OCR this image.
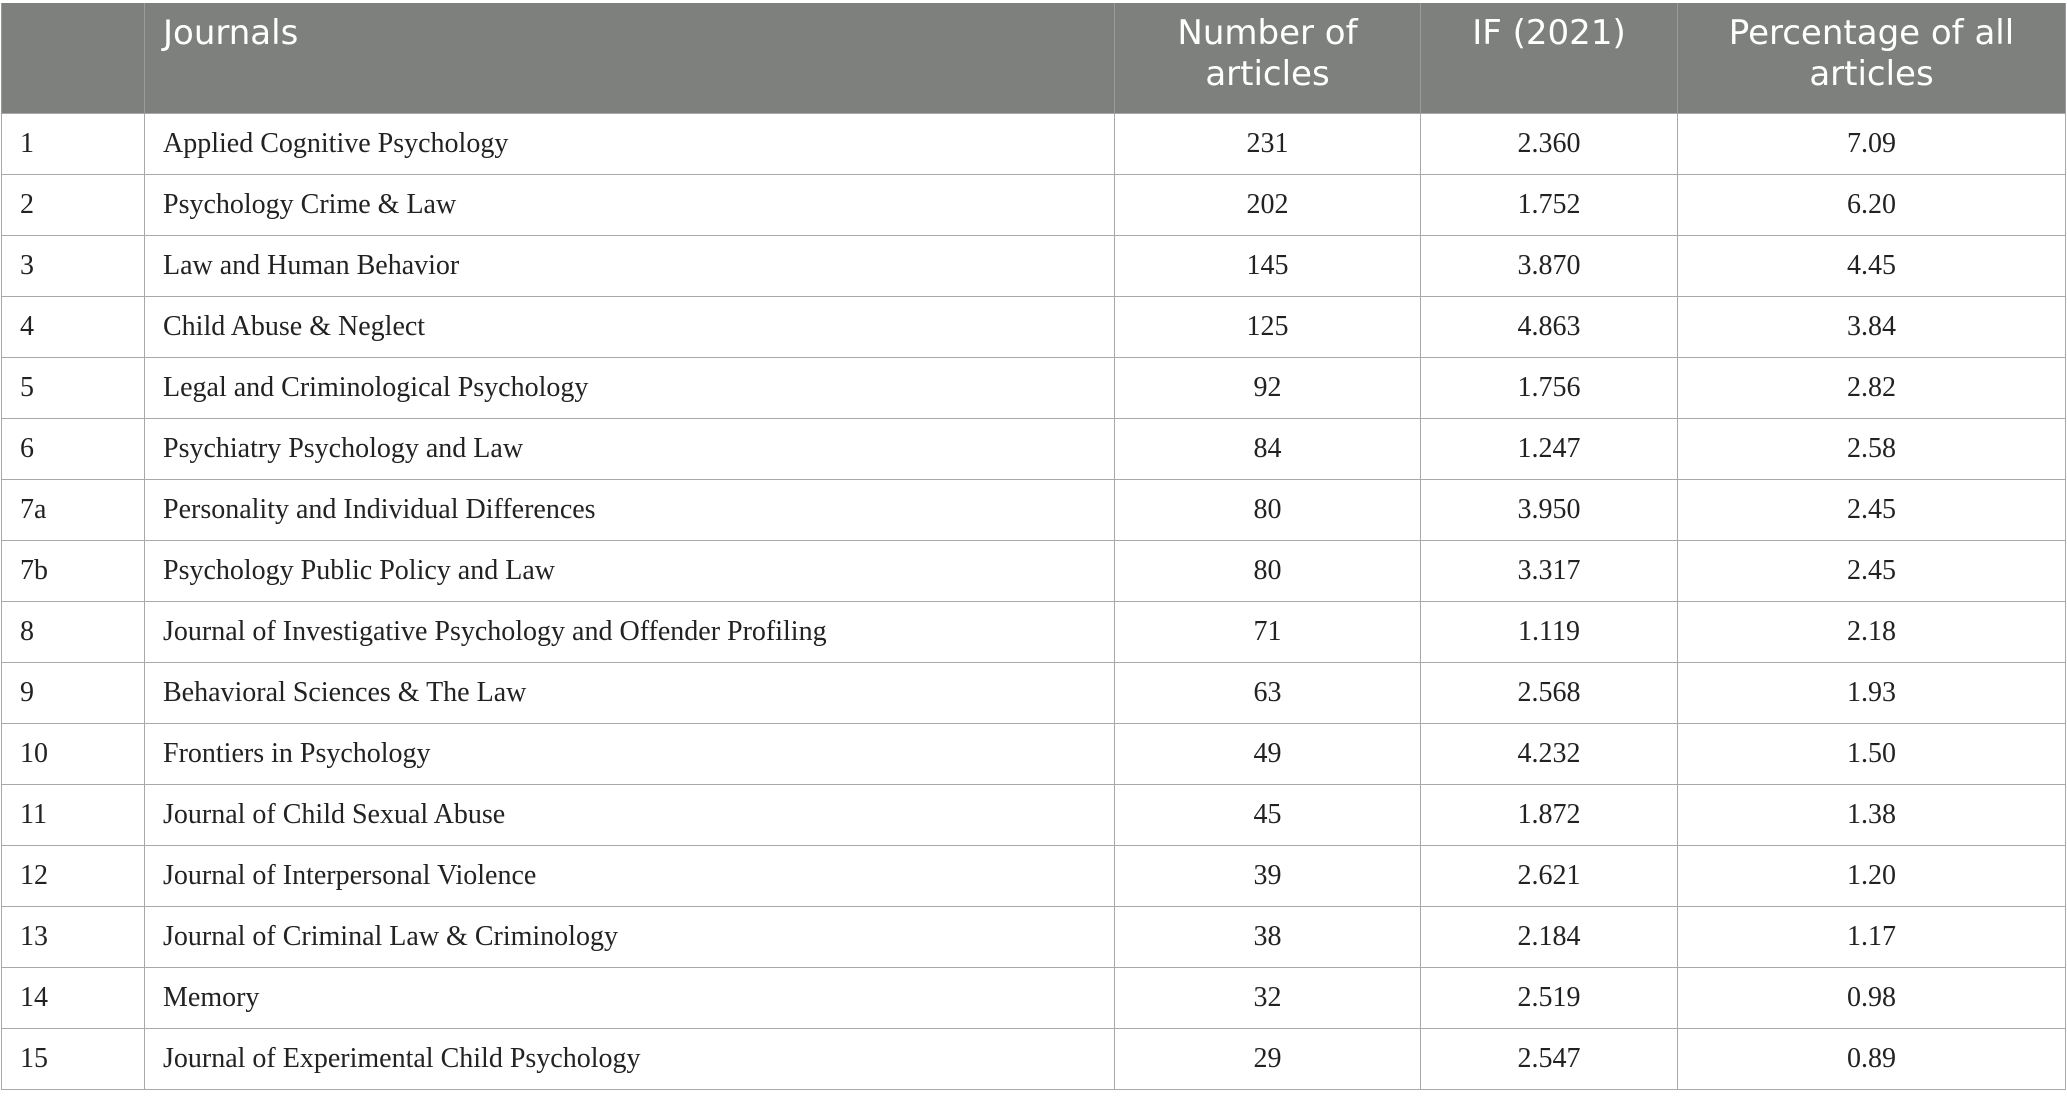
	Journals	Number of articles	IF (2021)	Percentage of all articles
1	Applied Cognitive Psychology	231	2.360	7.09
2	Psychology Crime & Law	202	1.752	6.20
3	Law and Human Behavior	145	3.870	4.45
4	Child Abuse & Neglect	125	4.863	3.84
5	Legal and Criminological Psychology	92	1.756	2.82
6	Psychiatry Psychology and Law	84	1.247	2.58
7a	Personality and Individual Differences	80	3.950	2.45
7b	Psychology Public Policy and Law	80	3.317	2.45
8	Journal of Investigative Psychology and Offender Profiling	71	1.119	2.18
9	Behavioral Sciences & The Law	63	2.568	1.93
10	Frontiers in Psychology	49	4.232	1.50
11	Journal of Child Sexual Abuse	45	1.872	1.38
12	Journal of Interpersonal Violence	39	2.621	1.20
13	Journal of Criminal Law & Criminology	38	2.184	1.17
14	Memory	32	2.519	0.98
15	Journal of Experimental Child Psychology	29	2.547	0.89
